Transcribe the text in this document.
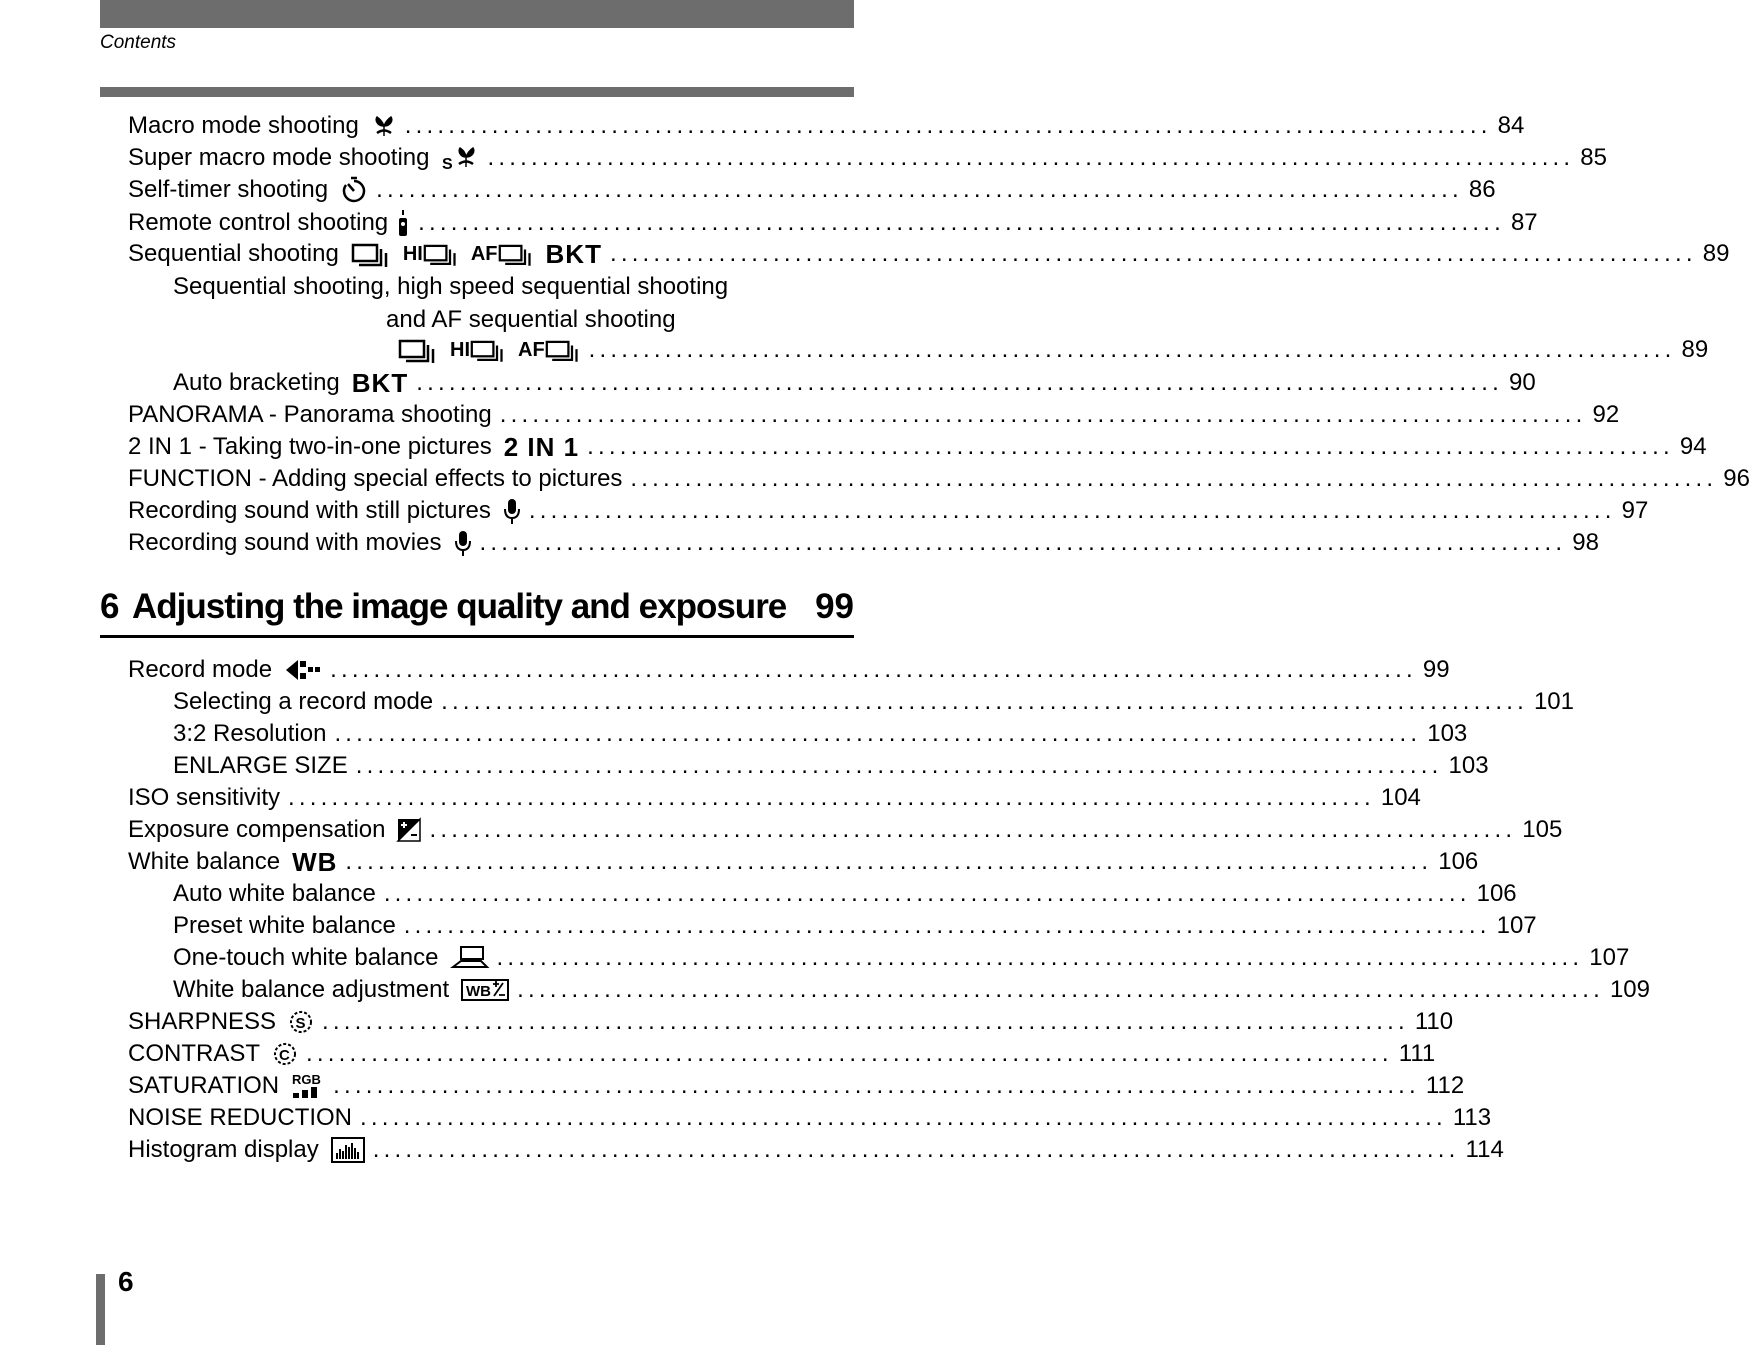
Contents
Macro mode shooting .................................................................................................... 84
Super macro mode shooting S .................................................................................................... 85
Self-timer shooting .................................................................................................... 86
Remote control shooting .................................................................................................... 87
Sequential shooting	HI AF BKT .................................................................................................... 89
Sequential shooting, high speed sequential shooting
and AF sequential shooting
HI AF .................................................................................................... 89
Auto bracketing BKT .................................................................................................... 90
PANORAMA - Panorama shooting .................................................................................................... 92
2 IN 1 - Taking two-in-one pictures 2 IN 1 .................................................................................................... 94
FUNCTION - Adding special effects to pictures .................................................................................................... 96
Recording sound with still pictures .................................................................................................... 97
Recording sound with movies .................................................................................................... 98
6 Adjusting the image quality and exposure 99
Record mode .................................................................................................... 99
Selecting a record mode .................................................................................................... 101
3:2 Resolution .................................................................................................... 103
ENLARGE SIZE .................................................................................................... 103
ISO sensitivity .................................................................................................... 104
Exposure compensation .................................................................................................... 105
White balance WB .................................................................................................... 106
Auto white balance .................................................................................................... 106
Preset white balance .................................................................................................... 107
One-touch white balance .................................................................................................... 107
White balance adjustment WB .................................................................................................... 109
SHARPNESS S .................................................................................................... 110
CONTRAST C .................................................................................................... 111
SATURATION RGB .................................................................................................... 112
NOISE REDUCTION .................................................................................................... 113
Histogram display .................................................................................................... 114
6
